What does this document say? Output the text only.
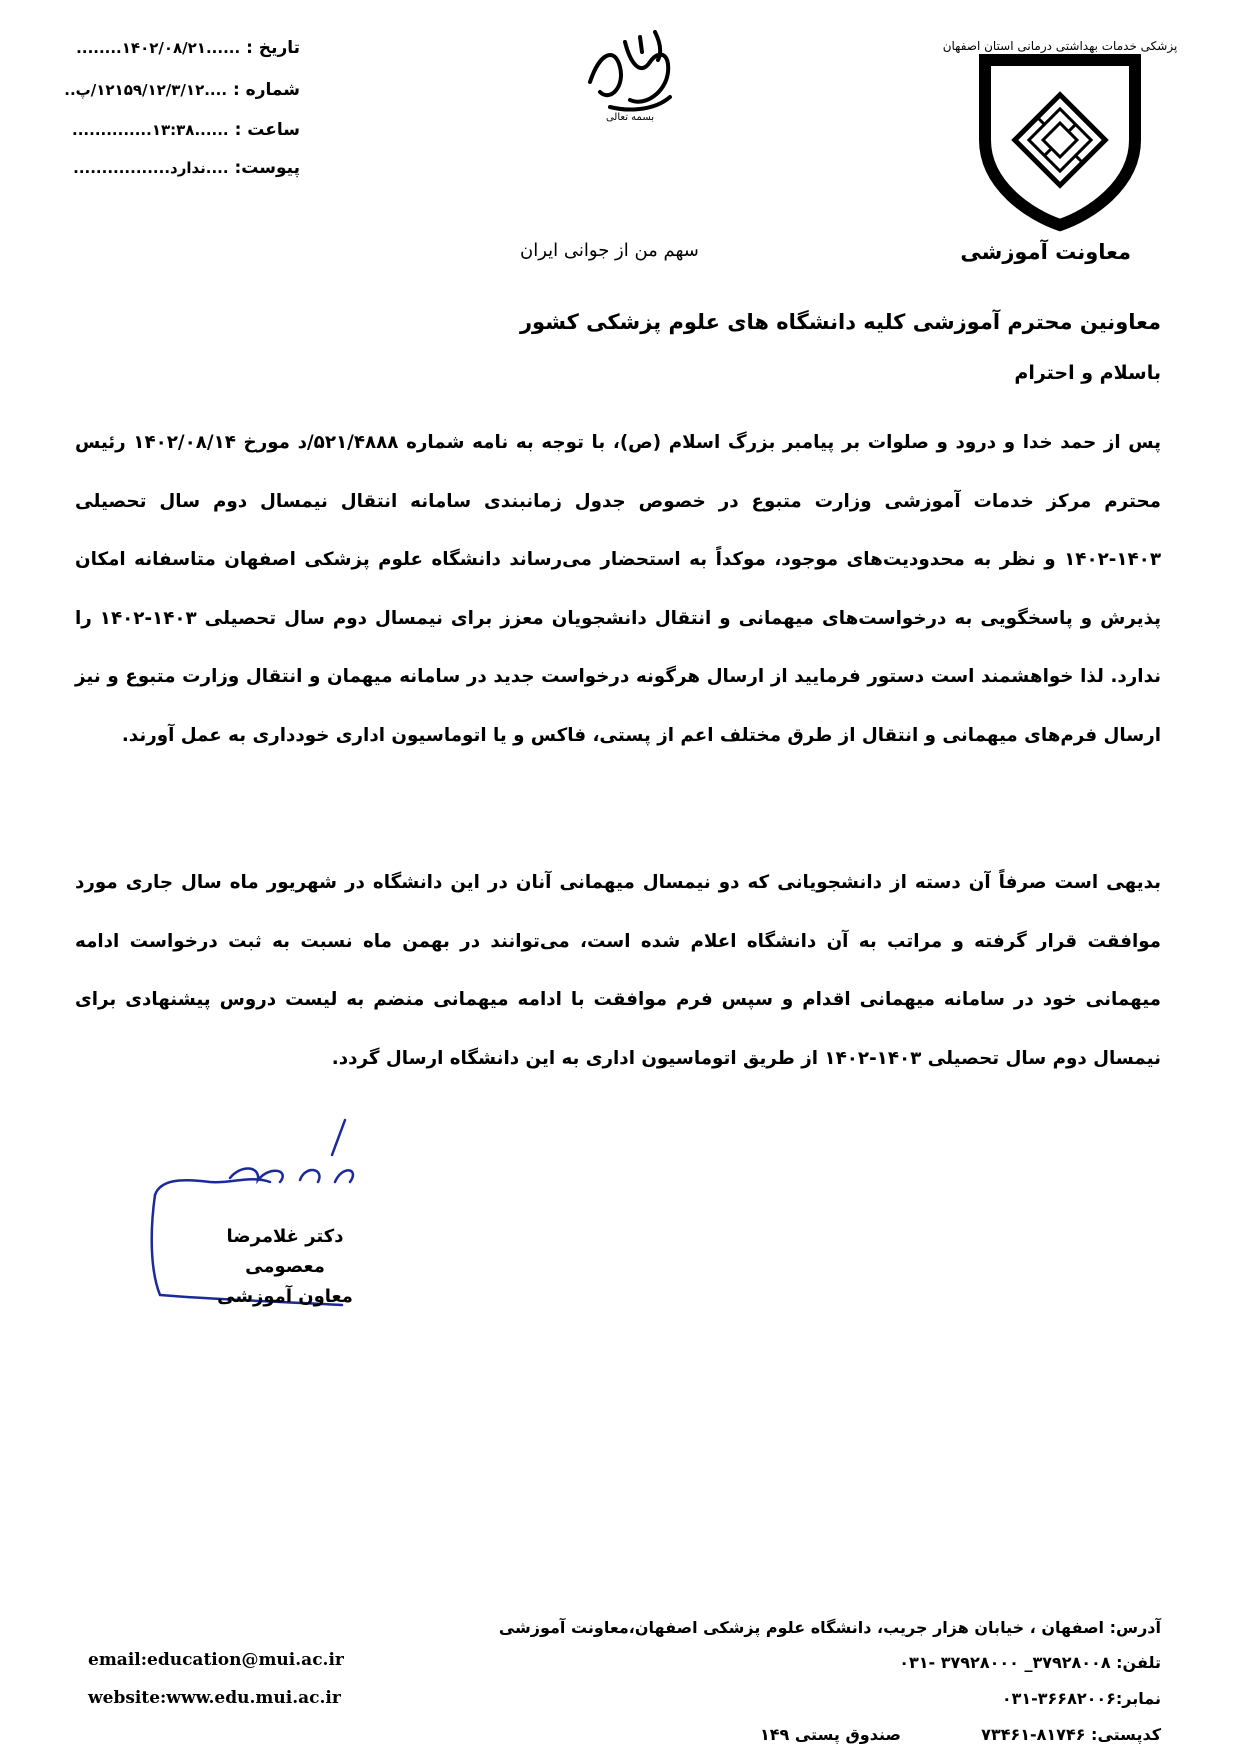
تاریخ : ......۱۴۰۲/۰۸/۲۱........
شماره : ....۱۲۱۵۹/۱۲/۳/۱۲/پ..
ساعت : ......۱۳:۳۸..............
پیوست: ....ندارد.................
بسمه تعالی
پزشکی خدمات بهداشتی درمانی استان اصفهان
معاونت آموزشی
سهم من از جوانی ایران
معاونین محترم آموزشی کلیه دانشگاه های علوم پزشکی کشور
باسلام و احترام
پس از حمد خدا و درود و صلوات بر پیامبر بزرگ اسلام (ص)، با توجه به نامه شماره ۵۲۱/۴۸۸۸/د مورخ ۱۴۰۲/۰۸/۱۴ رئیس محترم مرکز خدمات آموزشی وزارت متبوع در خصوص جدول زمانبندی سامانه انتقال نیمسال دوم سال تحصیلی ۱۴۰۳-۱۴۰۲ و نظر به محدودیت‌های موجود، موکداً به استحضار می‌رساند دانشگاه علوم پزشکی اصفهان متاسفانه امکان پذیرش و پاسخگویی به درخواست‌های میهمانی و انتقال دانشجویان معزز برای نیمسال دوم سال تحصیلی ۱۴۰۳-۱۴۰۲ را ندارد. لذا خواهشمند است دستور فرمایید از ارسال هرگونه درخواست جدید در سامانه میهمان و انتقال وزارت متبوع و نیز ارسال فرم‌های میهمانی و انتقال از طرق مختلف اعم از پستی، فاکس و یا اتوماسیون اداری خودداری به عمل آورند.
بدیهی است صرفاً آن دسته از دانشجویانی که دو نیمسال میهمانی آنان در این دانشگاه در شهریور ماه سال جاری مورد موافقت قرار گرفته و مراتب به آن دانشگاه اعلام شده است، می‌توانند در بهمن ماه نسبت به ثبت درخواست ادامه میهمانی خود در سامانه میهمانی اقدام و سپس فرم موافقت با ادامه میهمانی منضم به لیست دروس پیشنهادی برای نیمسال دوم سال تحصیلی ۱۴۰۳-۱۴۰۲ از طریق اتوماسیون اداری به این دانشگاه ارسال گردد.
دکتر غلامرضا معصومی
معاون آموزشی
آدرس: اصفهان ، خیابان هزار جریب، دانشگاه علوم پزشکی اصفهان،معاونت آموزشی
تلفن: ۳۷۹۲۸۰۰۸_ ۳۷۹۲۸۰۰۰ -۰۳۱
نمابر:۳۶۶۸۲۰۰۶-۰۳۱
کدپستی: ۸۱۷۴۶-۷۳۴۶۱
صندوق پستی ۱۴۹
email:education@mui.ac.ir
website:www.edu.mui.ac.ir
